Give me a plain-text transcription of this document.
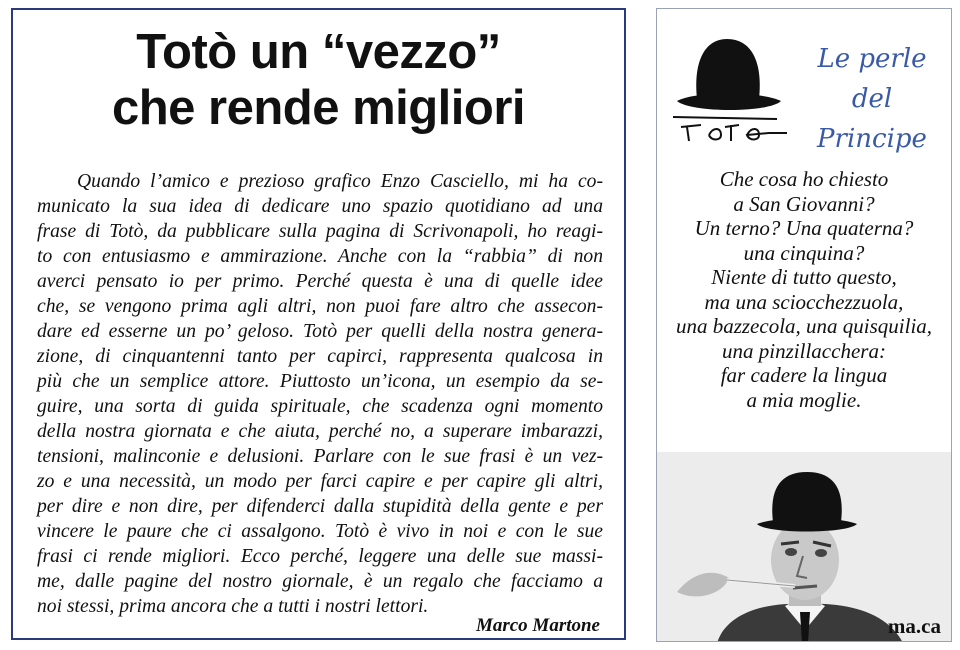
Totò un “vezzo”
che rende migliori
Quando l’amico e prezioso grafico Enzo Casciello, mi ha co-
municato la sua idea di dedicare uno spazio quotidiano ad una
frase di Totò, da pubblicare sulla pagina di Scrivonapoli, ho reagi-
to con entusiasmo e ammirazione. Anche con la “rabbia” di non
averci pensato io per primo. Perché questa è una di quelle idee
che, se vengono prima agli altri, non puoi fare altro che assecon-
dare ed esserne un po’ geloso. Totò per quelli della nostra genera-
zione, di cinquantenni tanto per capirci, rappresenta qualcosa in
più che un semplice attore. Piuttosto un’icona, un esempio da se-
guire, una sorta di guida spirituale, che scadenza ogni momento
della nostra giornata e che aiuta, perché no, a superare imbarazzi,
tensioni, malinconie e delusioni. Parlare con le sue frasi è un vez-
zo e una necessità, un modo per farci capire e per capire gli altri,
per dire e non dire, per difenderci dalla stupidità della gente e per
vincere le paure che ci assalgono. Totò è vivo in noi e con le sue
frasi ci rende migliori. Ecco perché, leggere una delle sue massi-
me, dalle pagine del nostro giornale, è un regalo che facciamo a
noi stessi, prima ancora che a tutti i nostri lettori.
Marco Martone
Le perle
del Principe
Che cosa ho chiesto
a San Giovanni?
Un terno? Una quaterna?
una cinquina?
Niente di tutto questo,
ma una sciocchezzuola,
una bazzecola, una quisquilia,
una pinzillacchera:
far cadere la lingua
a mia moglie.
ma.ca
